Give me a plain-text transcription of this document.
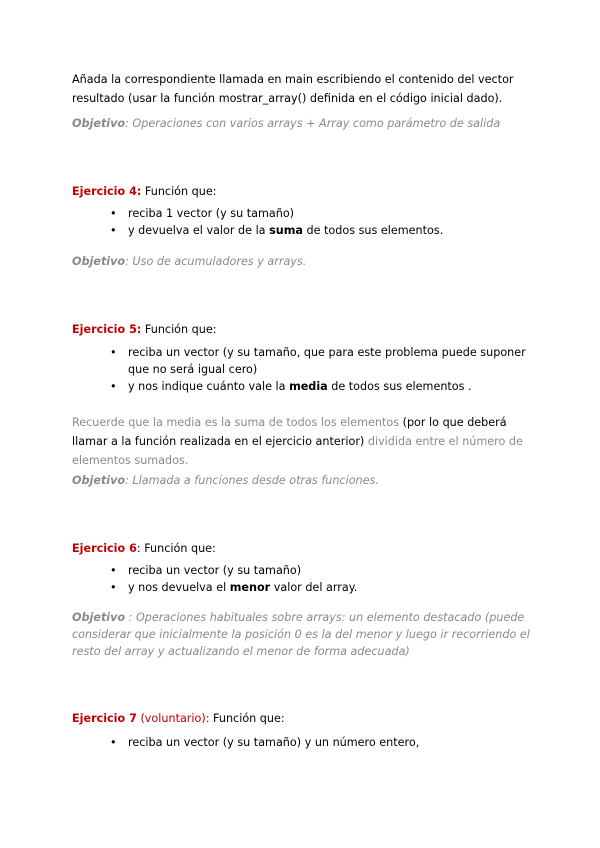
Añada la correspondiente llamada en main escribiendo el contenido del vector
resultado (usar la función mostrar_array() definida en el código inicial dado).
Objetivo: Operaciones con varios arrays + Array como parámetro de salida
Ejercicio 4: Función que:
• reciba 1 vector (y su tamaño)
• y devuelva el valor de la suma de todos sus elementos.
Objetivo: Uso de acumuladores y arrays.
Ejercicio 5: Función que:
• reciba un vector (y su tamaño, que para este problema puede suponer
que no será igual cero)
• y nos indique cuánto vale la media de todos sus elementos .
Recuerde que la media es la suma de todos los elementos (por lo que deberá
llamar a la función realizada en el ejercicio anterior) dividida entre el número de
elementos sumados.
Objetivo: Llamada a funciones desde otras funciones.
Ejercicio 6: Función que:
• reciba un vector (y su tamaño)
• y nos devuelva el menor valor del array.
Objetivo : Operaciones habituales sobre arrays: un elemento destacado (puede
considerar que inicialmente la posición 0 es la del menor y luego ir recorriendo el
resto del array y actualizando el menor de forma adecuada)
Ejercicio 7 (voluntario): Función que:
• reciba un vector (y su tamaño) y un número entero,
